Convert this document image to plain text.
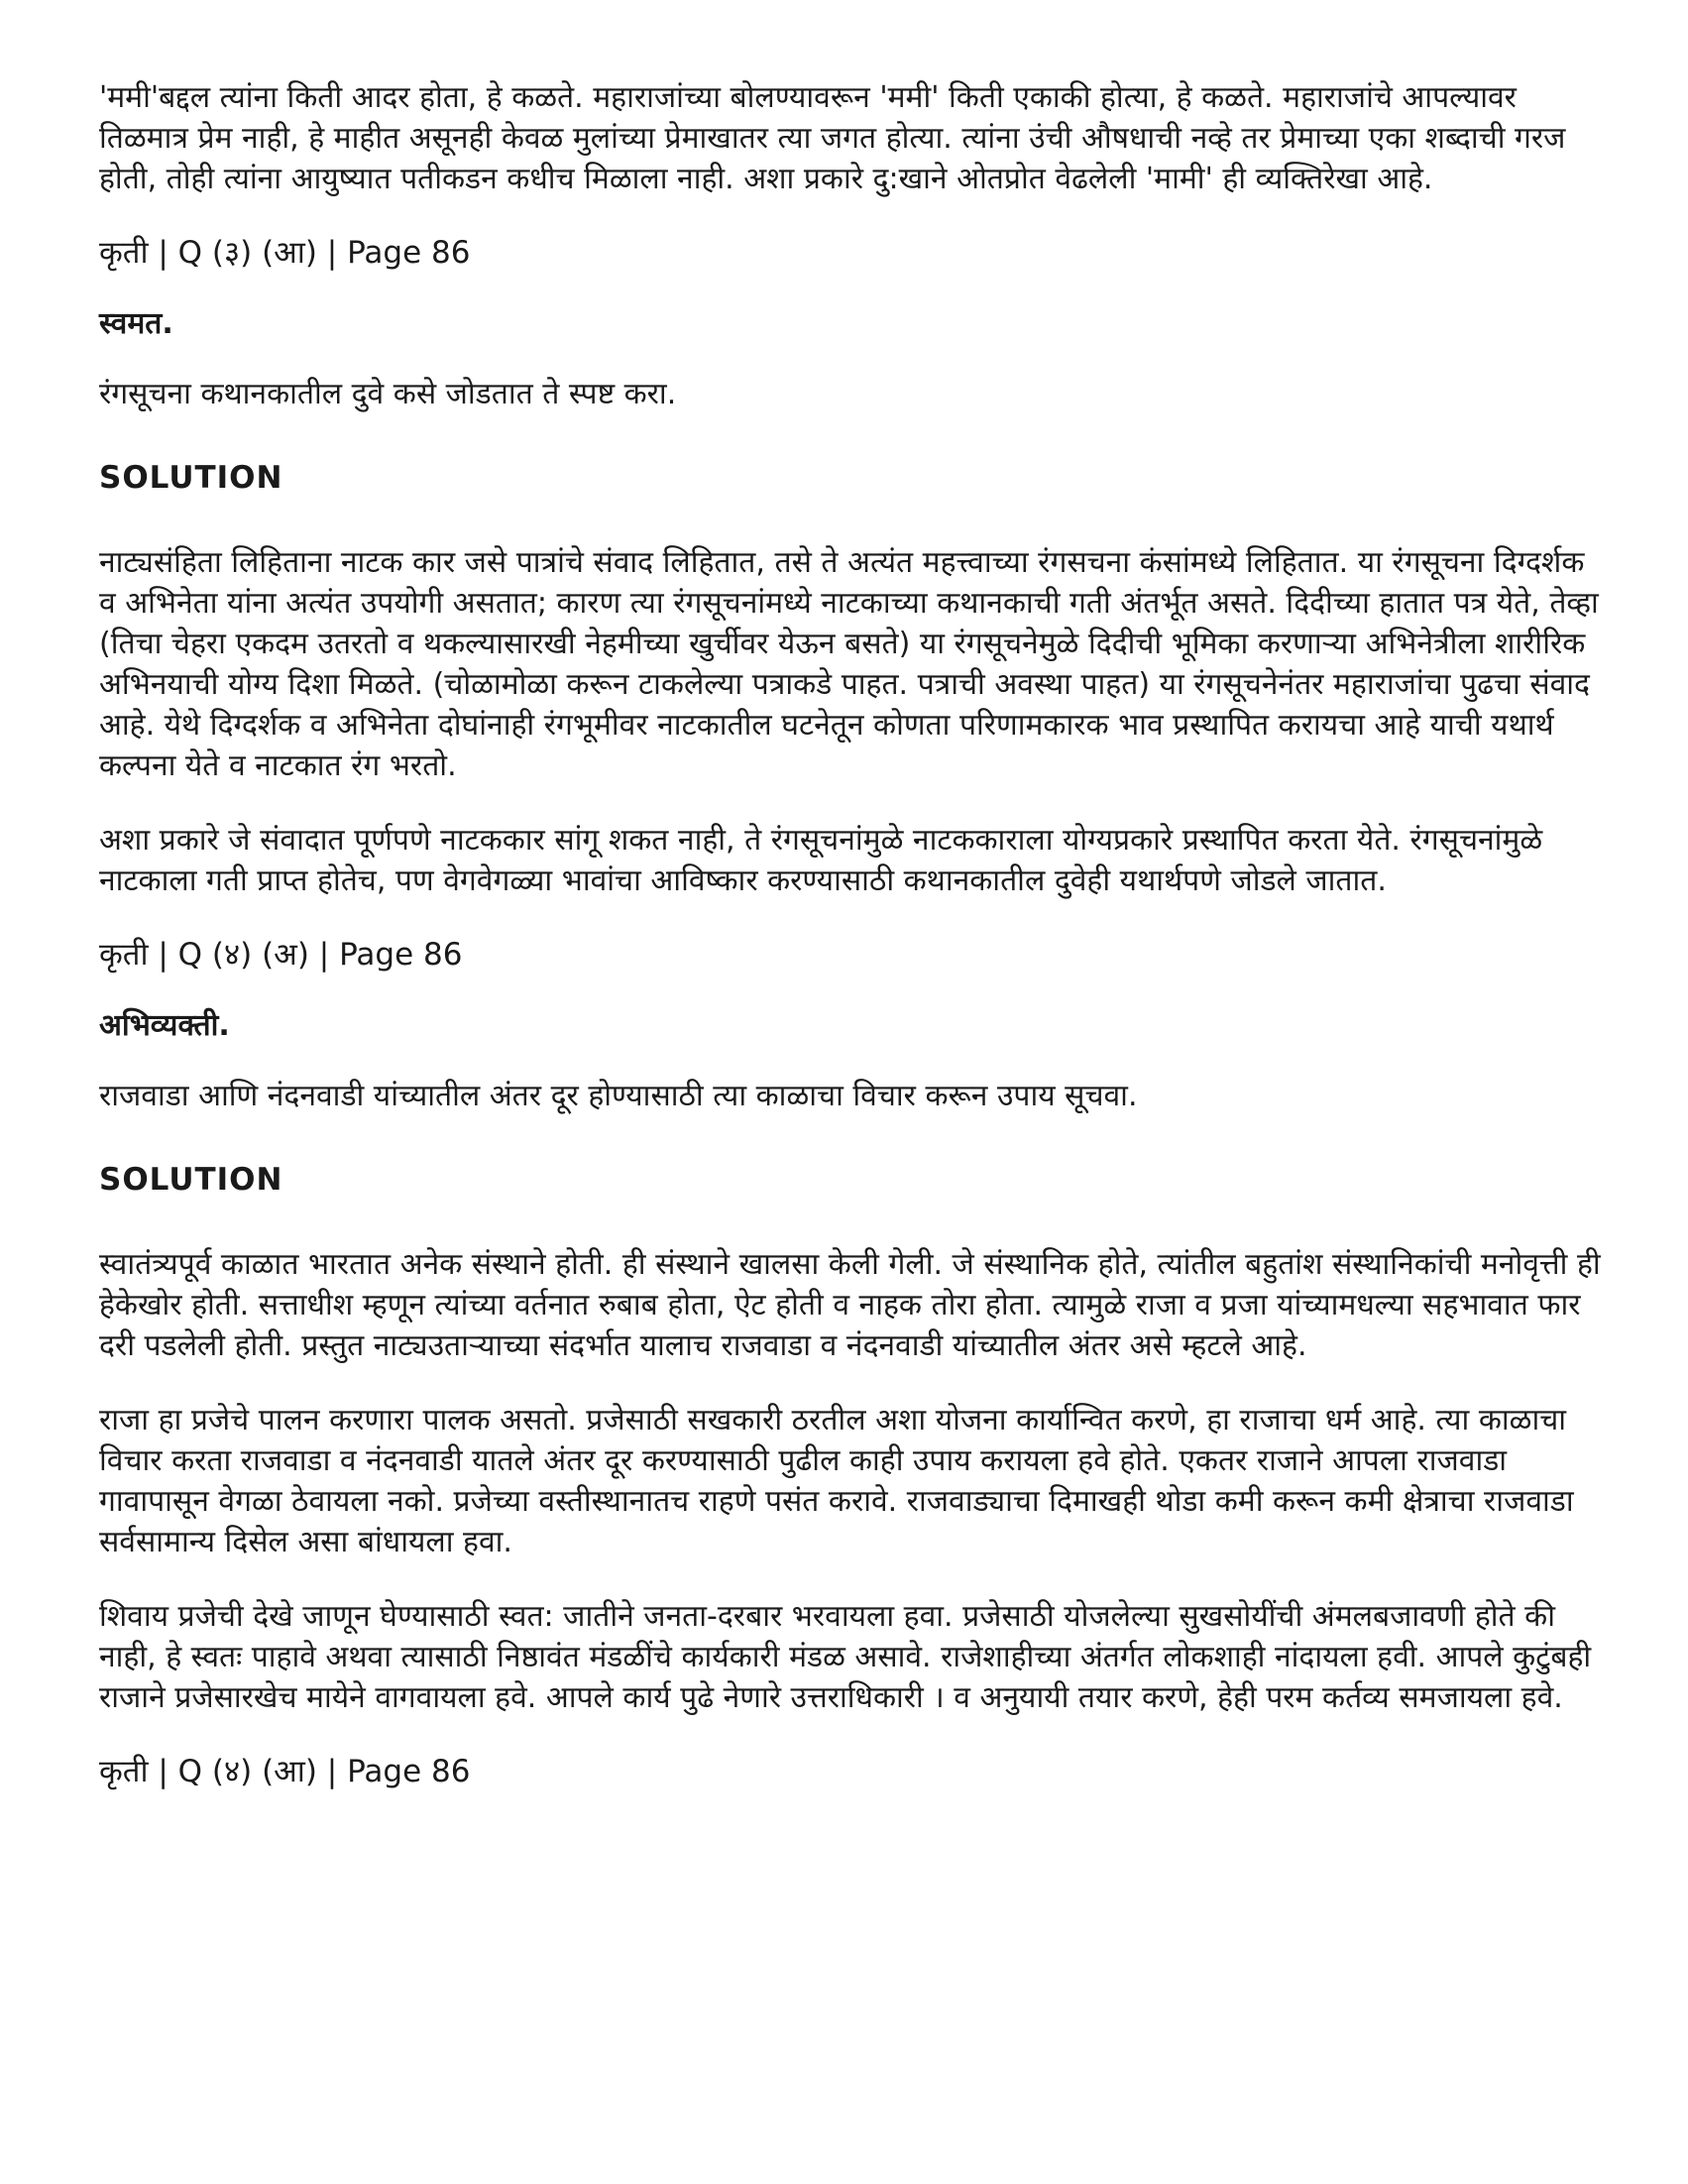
'ममी'बद्दल त्यांना किती आदर होता, हे कळते. महाराजांच्या बोलण्यावरून 'ममी' किती एकाकी होत्या, हे कळते. महाराजांचे आपल्यावर तिळमात्र प्रेम नाही, हे माहीत असूनही केवळ मुलांच्या प्रेमाखातर त्या जगत होत्या. त्यांना उंची औषधाची नव्हे तर प्रेमाच्या एका शब्दाची गरज होती, तोही त्यांना आयुष्यात पतीकडन कधीच मिळाला नाही. अशा प्रकारे दु:खाने ओतप्रोत वेढलेली 'मामी' ही व्यक्तिरेखा आहे.

कृती | Q (३) (आ) | Page 86

स्वमत.

रंगसूचना कथानकातील दुवे कसे जोडतात ते स्पष्ट करा.

SOLUTION

नाट्यसंहिता लिहिताना नाटक कार जसे पात्रांचे संवाद लिहितात, तसे ते अत्यंत महत्त्वाच्या रंगसचना कंसांमध्ये लिहितात. या रंगसूचना दिग्दर्शक व अभिनेता यांना अत्यंत उपयोगी असतात; कारण त्या रंगसूचनांमध्ये नाटकाच्या कथानकाची गती अंतर्भूत असते. दिदीच्या हातात पत्र येते, तेव्हा (तिचा चेहरा एकदम उतरतो व थकल्यासारखी नेहमीच्या खुर्चीवर येऊन बसते) या रंगसूचनेमुळे दिदीची भूमिका करणाऱ्या अभिनेत्रीला शारीरिक अभिनयाची योग्य दिशा मिळते. (चोळामोळा करून टाकलेल्या पत्राकडे पाहत. पत्राची अवस्था पाहत) या रंगसूचनेनंतर महाराजांचा पुढचा संवाद आहे. येथे दिग्दर्शक व अभिनेता दोघांनाही रंगभूमीवर नाटकातील घटनेतून कोणता परिणामकारक भाव प्रस्थापित करायचा आहे याची यथार्थ कल्पना येते व नाटकात रंग भरतो.

अशा प्रकारे जे संवादात पूर्णपणे नाटककार सांगू शकत नाही, ते रंगसूचनांमुळे नाटककाराला योग्यप्रकारे प्रस्थापित करता येते. रंगसूचनांमुळे नाटकाला गती प्राप्त होतेच, पण वेगवेगळ्या भावांचा आविष्कार करण्यासाठी कथानकातील दुवेही यथार्थपणे जोडले जातात.

कृती | Q (४) (अ) | Page 86

अभिव्यक्ती.

राजवाडा आणि नंदनवाडी यांच्यातील अंतर दूर होण्यासाठी त्या काळाचा विचार करून उपाय सूचवा.

SOLUTION

स्वातंत्र्यपूर्व काळात भारतात अनेक संस्थाने होती. ही संस्थाने खालसा केली गेली. जे संस्थानिक होते, त्यांतील बहुतांश संस्थानिकांची मनोवृत्ती ही हेकेखोर होती. सत्ताधीश म्हणून त्यांच्या वर्तनात रुबाब होता, ऐट होती व नाहक तोरा होता. त्यामुळे राजा व प्रजा यांच्यामधल्या सहभावात फार दरी पडलेली होती. प्रस्तुत नाट्यउताऱ्याच्या संदर्भात यालाच राजवाडा व नंदनवाडी यांच्यातील अंतर असे म्हटले आहे.

राजा हा प्रजेचे पालन करणारा पालक असतो. प्रजेसाठी सखकारी ठरतील अशा योजना कार्यान्वित करणे, हा राजाचा धर्म आहे. त्या काळाचा विचार करता राजवाडा व नंदनवाडी यातले अंतर दूर करण्यासाठी पुढील काही उपाय करायला हवे होते. एकतर राजाने आपला राजवाडा गावापासून वेगळा ठेवायला नको. प्रजेच्या वस्तीस्थानातच राहणे पसंत करावे. राजवाड्याचा दिमाखही थोडा कमी करून कमी क्षेत्राचा राजवाडा सर्वसामान्य दिसेल असा बांधायला हवा.

शिवाय प्रजेची देखे जाणून घेण्यासाठी स्वत: जातीने जनता-दरबार भरवायला हवा. प्रजेसाठी योजलेल्या सुखसोयींची अंमलबजावणी होते की नाही, हे स्वतः पाहावे अथवा त्यासाठी निष्ठावंत मंडळींचे कार्यकारी मंडळ असावे. राजेशाहीच्या अंतर्गत लोकशाही नांदायला हवी. आपले कुटुंबही राजाने प्रजेसारखेच मायेने वागवायला हवे. आपले कार्य पुढे नेणारे उत्तराधिकारी । व अनुयायी तयार करणे, हेही परम कर्तव्य समजायला हवे.

कृती | Q (४) (आ) | Page 86
